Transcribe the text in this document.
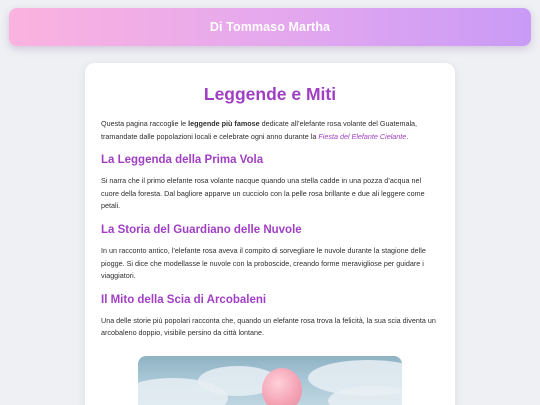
Di Tommaso Martha
Leggende e Miti

Questa pagina raccoglie le leggende più famose dedicate all’elefante rosa volante del Guatemala, tramandate dalle popolazioni locali e celebrate ogni anno durante la Fiesta del Elefante Cielante.

La Leggenda della Prima Vola

Si narra che il primo elefante rosa volante nacque quando una stella cadde in una pozza d’acqua nel cuore della foresta. Dal bagliore apparve un cucciolo con la pelle rosa brillante e due ali leggere come petali.

La Storia del Guardiano delle Nuvole

In un racconto antico, l’elefante rosa aveva il compito di sorvegliare le nuvole durante la stagione delle piogge. Si dice che modellasse le nuvole con la proboscide, creando forme meravigliose per guidare i viaggiatori.

Il Mito della Scia di Arcobaleni

Una delle storie più popolari racconta che, quando un elefante rosa trova la felicità, la sua scia diventa un arcobaleno doppio, visibile persino da città lontane.
